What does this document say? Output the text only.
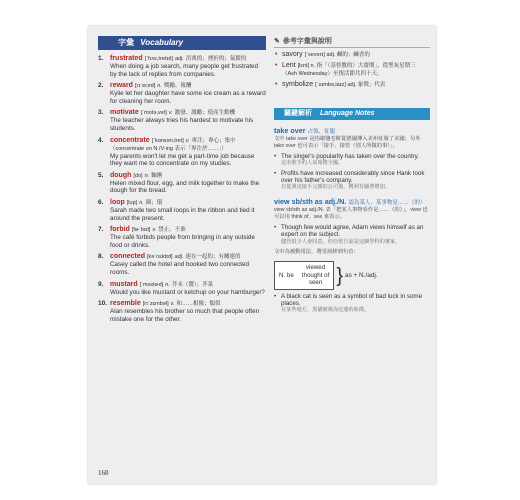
字彙 Vocabulary
1. frustrated [ˈfrʌs,tretɪd] adj. 沮喪的；挫折的；氣餒的
When doing a job search, many people get frustrated by the lack of replies from companies.
2. reward [rɪˈwɔrd] n. 獎勵、報酬
Kylie let her daughter have some ice cream as a reward for cleaning her room.
3. motivate [ˈmotə,vet] v. 激發、激勵；使產生動機
The teacher always tries his hardest to motivate his students.
4. concentrate [ˈkɑnsən,tret] v. 專注；專心；集中（concentrate on N./V-ing 表示「專注於……」）
My parents won't let me get a part-time job because they want me to concentrate on my studies.
5. dough [do] n. 麵團
Helen mixed flour, egg, and milk together to make the dough for the bread.
6. loop [lup] n. 圈；環
Sarah made two small loops in the ribbon and tied it around the present.
7. forbid [fɚˈbɪd] v. 禁止、不准
The café forbids people from bringing in any outside food or drinks.
8. connected [kəˈnɛktɪd] adj. 連在一起的；有關連的
Casey called the hotel and booked two connected rooms.
9. mustard [ˈmʌstɚd] n. 芥末（醬）；芥菜
Would you like mustard or ketchup on your hamburger?
10. resemble [rɪˈzɛmbəl] v. 和……相像；類似
Alan resembles his brother so much that people often mistake one for the other.
✎ 參考字彙與說明
• savory [ˈsevərɪ] adj. 鹹的；鹹香的
• Lent [lɛnt] n. 指「（基督教的）大齋期」，從聖灰星期三（Ash Wednesday）至復活節共四十天。
• symbolize [ˈsɪmbə,laɪz] adj. 象徵；代表
關鍵解析 Language Notes
take over 占領、征服
文中 take over 是指椒鹽卷餅從德國傳入美州征服了美國；另外 take over 也可表示「接手、接管（別人所做的事）」。
• The singer's popularity has taken over the country.
這名歌手的人氣席捲全國。
• Profits have increased considerably since Hank took over his father's company.
自從漢克接手父親的公司後，獲利有顯著增加。
view sb/sth as adj./N. 認為某人、某事物是……（的）
view sb/sth as adj./N. 表「把某人事物看作是……（的）」，view 也可以用 think of、see 來表示。
• Though few would agree, Adam views himself as an expert on the subject.
儘管很少人會同意，但亞當自認是這個學科的專家。
文中為被動用法，將受詞移到句首：
N. be
viewed
thought of
seen } as + N./adj.
• A black cat is seen as a symbol of bad luck in some places.
在某些地方，黑貓被視為厄運的象徵。
168
